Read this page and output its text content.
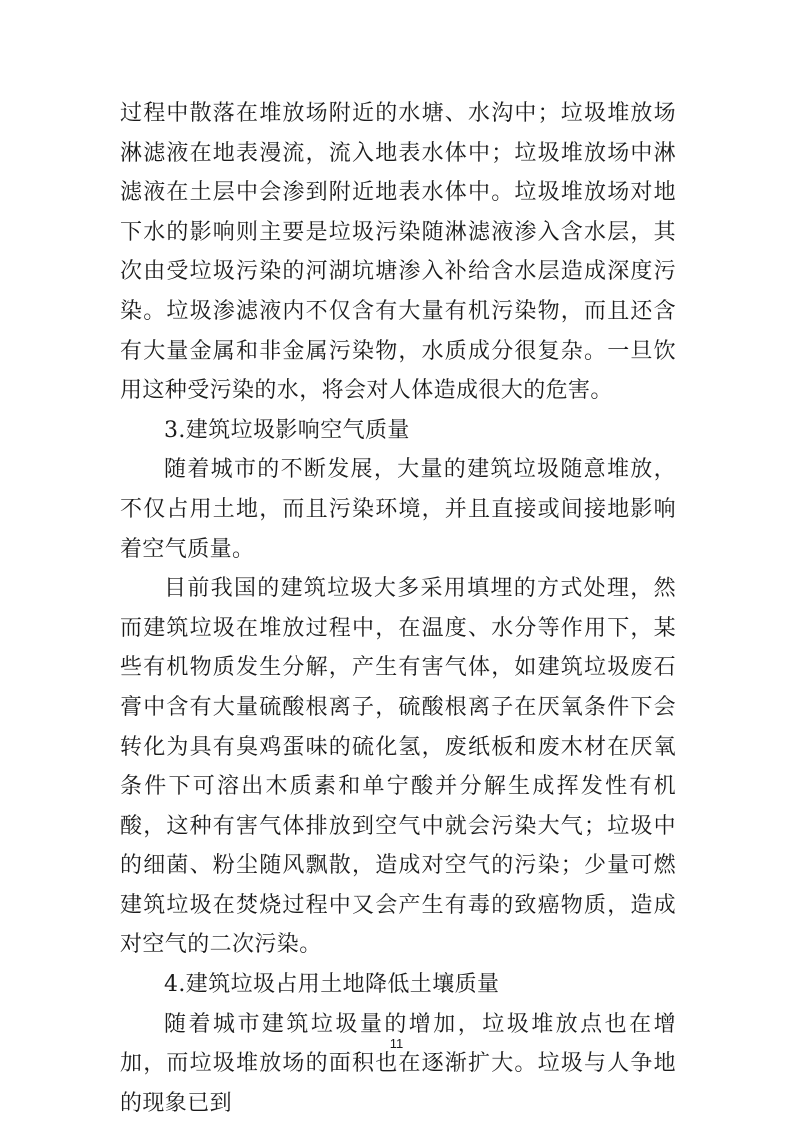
过程中散落在堆放场附近的水塘、水沟中；垃圾堆放场淋滤液在地表漫流，流入地表水体中；垃圾堆放场中淋滤液在土层中会渗到附近地表水体中。垃圾堆放场对地下水的影响则主要是垃圾污染随淋滤液渗入含水层，其次由受垃圾污染的河湖坑塘渗入补给含水层造成深度污染。垃圾渗滤液内不仅含有大量有机污染物，而且还含有大量金属和非金属污染物，水质成分很复杂。一旦饮用这种受污染的水，将会对人体造成很大的危害。

3.建筑垃圾影响空气质量

随着城市的不断发展，大量的建筑垃圾随意堆放，不仅占用土地，而且污染环境，并且直接或间接地影响着空气质量。

目前我国的建筑垃圾大多采用填埋的方式处理，然而建筑垃圾在堆放过程中，在温度、水分等作用下，某些有机物质发生分解，产生有害气体，如建筑垃圾废石膏中含有大量硫酸根离子，硫酸根离子在厌氧条件下会转化为具有臭鸡蛋味的硫化氢，废纸板和废木材在厌氧条件下可溶出木质素和单宁酸并分解生成挥发性有机酸，这种有害气体排放到空气中就会污染大气；垃圾中的细菌、粉尘随风飘散，造成对空气的污染；少量可燃建筑垃圾在焚烧过程中又会产生有毒的致癌物质，造成对空气的二次污染。

4.建筑垃圾占用土地降低土壤质量

随着城市建筑垃圾量的增加，垃圾堆放点也在增加，而垃圾堆放场的面积也在逐渐扩大。垃圾与人争地的现象已到

11
